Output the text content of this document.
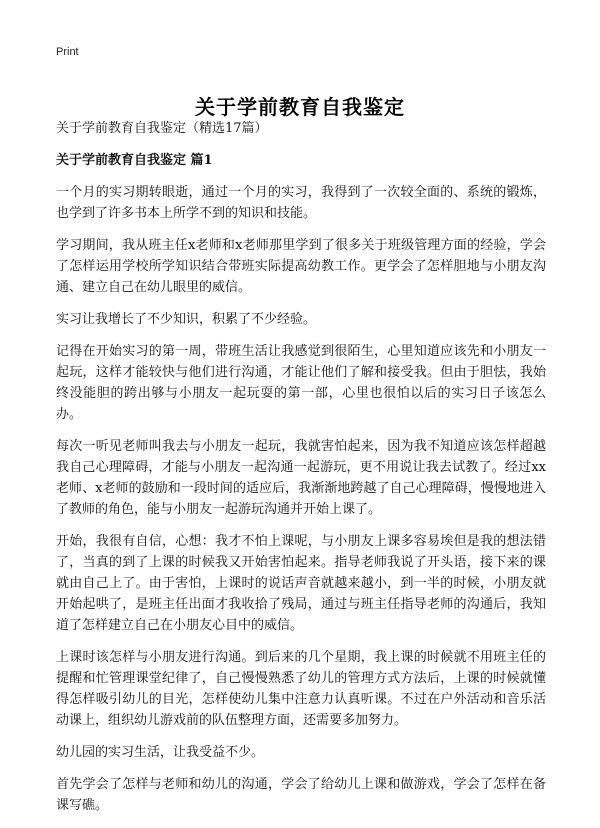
Print
关于学前教育自我鉴定
关于学前教育自我鉴定（精选17篇）
关于学前教育自我鉴定 篇1

一个月的实习期转眼逝，通过一个月的实习，我得到了一次较全面的、系统的锻炼，也学到了许多书本上所学不到的知识和技能。

学习期间，我从班主任x老师和x老师那里学到了很多关于班级管理方面的经验，学会了怎样运用学校所学知识结合带班实际提高幼教工作。更学会了怎样胆地与小朋友沟通、建立自己在幼儿眼里的威信。

实习让我增长了不少知识，积累了不少经验。

记得在开始实习的第一周，带班生活让我感觉到很陌生，心里知道应该先和小朋友一起玩，这样才能较快与他们进行沟通，才能让他们了解和接受我。但由于胆怯，我始终没能胆的跨出够与小朋友一起玩耍的第一部，心里也很怕以后的实习日子该怎么办。

每次一听见老师叫我去与小朋友一起玩，我就害怕起来，因为我不知道应该怎样超越我自己心理障碍，才能与小朋友一起沟通一起游玩，更不用说让我去试教了。经过xx老师、x老师的鼓励和一段时间的适应后，我渐渐地跨越了自己心理障碍，慢慢地进入了教师的角色，能与小朋友一起游玩沟通并开始上课了。

开始，我很有自信，心想：我才不怕上课呢，与小朋友上课多容易埃但是我的想法错了，当真的到了上课的时候我又开始害怕起来。指导老师我说了开头语，接下来的课就由自己上了。由于害怕，上课时的说话声音就越来越小，到一半的时候，小朋友就开始起哄了，是班主任出面才我收拾了残局，通过与班主任指导老师的沟通后，我知道了怎样建立自己在小朋友心目中的威信。

上课时该怎样与小朋友进行沟通。到后来的几个星期，我上课的时候就不用班主任的提醒和忙管理课堂纪律了，自己慢慢熟悉了幼儿的管理方式方法后，上课的时候就懂得怎样吸引幼儿的目光，怎样使幼儿集中注意力认真听课。不过在户外活动和音乐活动课上，组织幼儿游戏前的队伍整理方面，还需要多加努力。

幼儿园的实习生活，让我受益不少。

首先学会了怎样与老师和幼儿的沟通，学会了给幼儿上课和做游戏，学会了怎样在备课写礁。
